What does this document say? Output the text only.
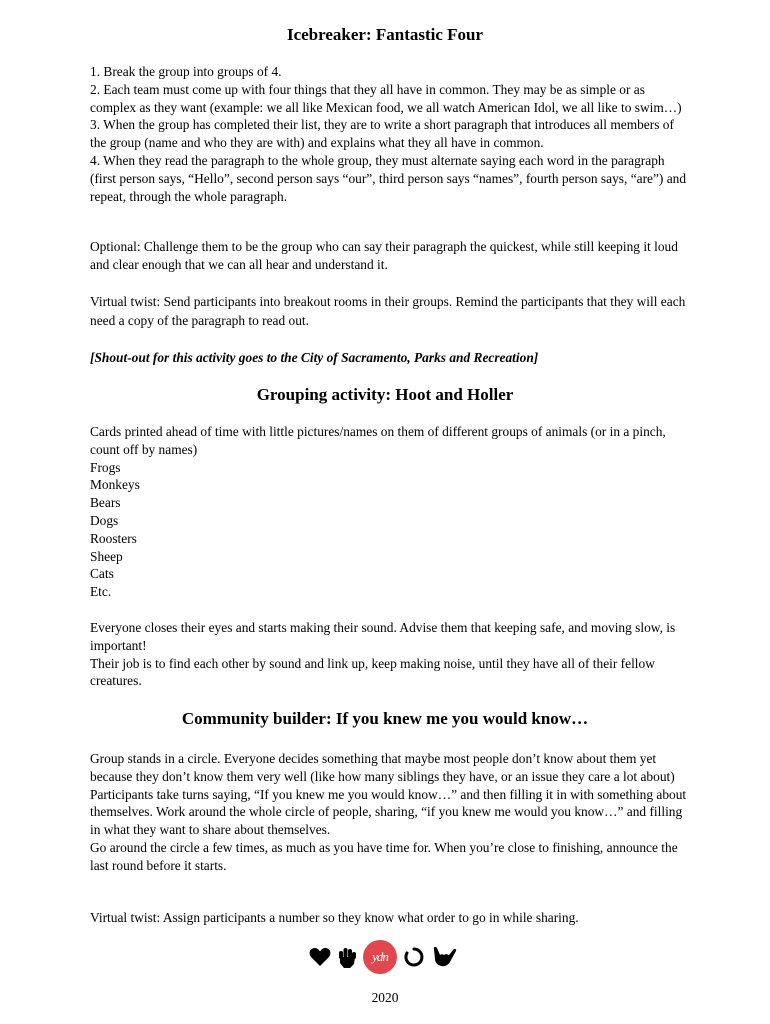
Icebreaker: Fantastic Four

1. Break the group into groups of 4.

2. Each team must come up with four things that they all have in common. They may be as simple or as complex as they want (example: we all like Mexican food, we all watch American Idol, we all like to swim…)

3. When the group has completed their list, they are to write a short paragraph that introduces all members of the group (name and who they are with) and explains what they all have in common.

4. When they read the paragraph to the whole group, they must alternate saying each word in the paragraph (first person says, “Hello”, second person says “our”, third person says “names”, fourth person says, “are”) and repeat, through the whole paragraph.

Optional: Challenge them to be the group who can say their paragraph the quickest, while still keeping it loud and clear enough that we can all hear and understand it.

Virtual twist: Send participants into breakout rooms in their groups. Remind the participants that they will each need a copy of the paragraph to read out.

[Shout-out for this activity goes to the City of Sacramento, Parks and Recreation]

Grouping activity: Hoot and Holler

Cards printed ahead of time with little pictures/names on them of different groups of animals (or in a pinch, count off by names)

Frogs

Monkeys

Bears

Dogs

Roosters

Sheep

Cats

Etc.

Everyone closes their eyes and starts making their sound. Advise them that keeping safe, and moving slow, is important!

Their job is to find each other by sound and link up, keep making noise, until they have all of their fellow creatures.

Community builder: If you knew me you would know…

Group stands in a circle. Everyone decides something that maybe most people don’t know about them yet because they don’t know them very well (like how many siblings they have, or an issue they care a lot about)

Participants take turns saying, “If you knew me you would know…” and then filling it in with something about themselves. Work around the whole circle of people, sharing, “if you knew me would you know…” and filling in what they want to share about themselves.

Go around the circle a few times, as much as you have time for. When you’re close to finishing, announce the last round before it starts.

Virtual twist: Assign participants a number so they know what order to go in while sharing.

ydn
2020
